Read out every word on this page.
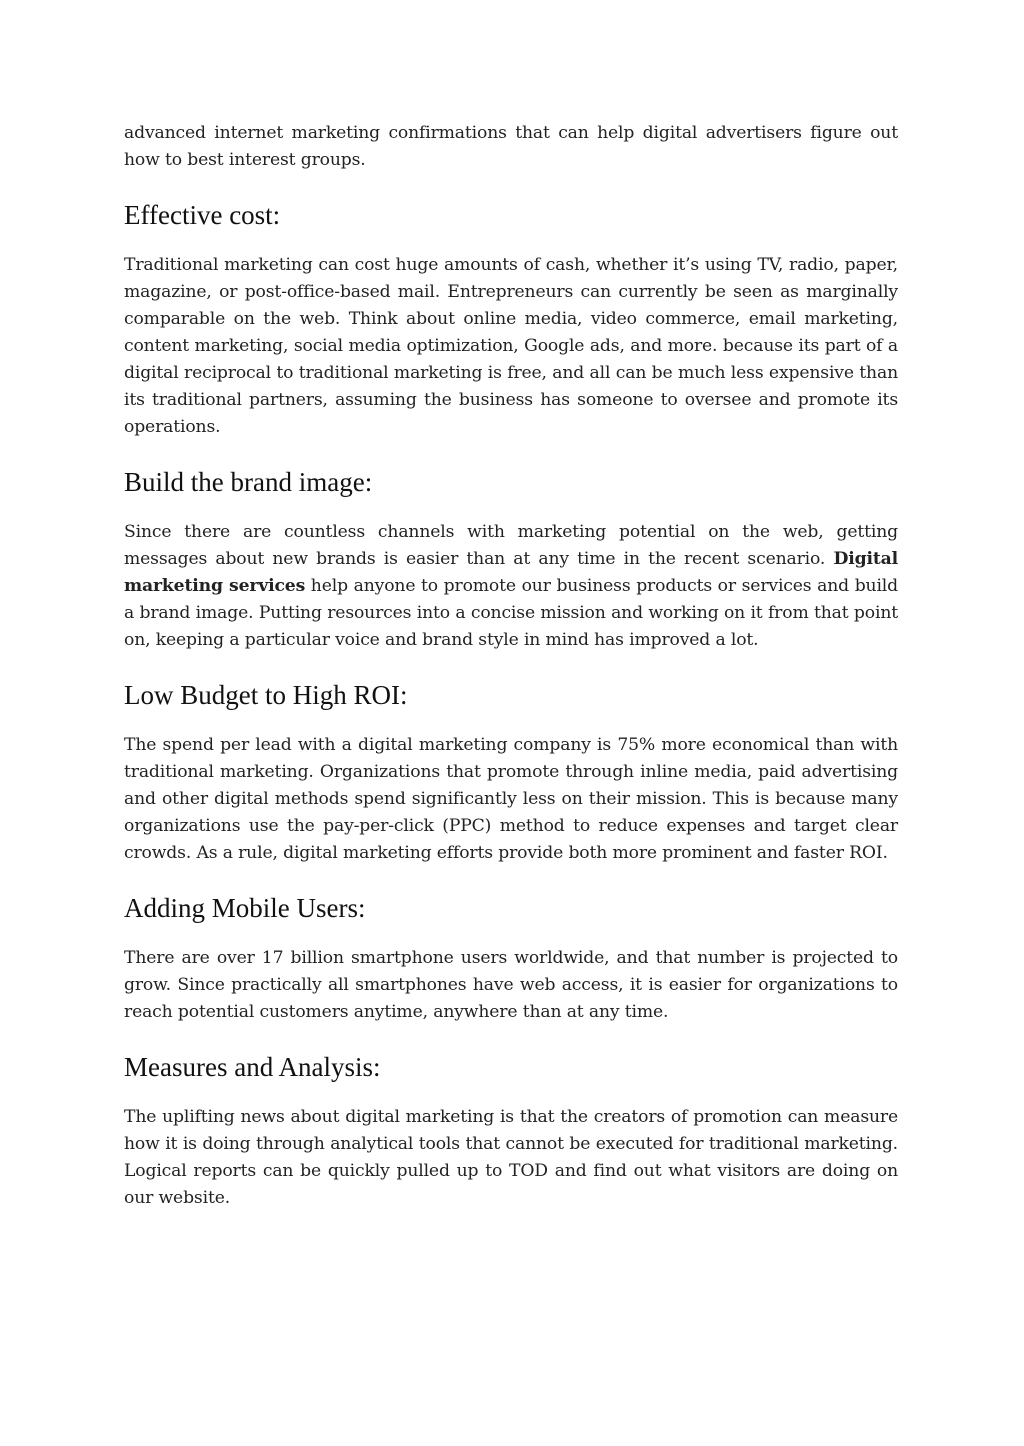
advanced internet marketing confirmations that can help digital advertisers figure out how to best interest groups.

Effective cost:

Traditional marketing can cost huge amounts of cash, whether it’s using TV, radio, paper, magazine, or post-office-based mail. Entrepreneurs can currently be seen as marginally comparable on the web. Think about online media, video commerce, email marketing, content marketing, social media optimization, Google ads, and more. because its part of a digital reciprocal to traditional marketing is free, and all can be much less expensive than its traditional partners, assuming the business has someone to oversee and promote its operations.

Build the brand image:

Since there are countless channels with marketing potential on the web, getting messages about new brands is easier than at any time in the recent scenario. Digital marketing services help anyone to promote our business products or services and build a brand image. Putting resources into a concise mission and working on it from that point on, keeping a particular voice and brand style in mind has improved a lot.

Low Budget to High ROI:

The spend per lead with a digital marketing company is 75% more economical than with traditional marketing. Organizations that promote through inline media, paid advertising and other digital methods spend significantly less on their mission. This is because many organizations use the pay-per-click (PPC) method to reduce expenses and target clear crowds. As a rule, digital marketing efforts provide both more prominent and faster ROI.

Adding Mobile Users:

There are over 17 billion smartphone users worldwide, and that number is projected to grow. Since practically all smartphones have web access, it is easier for organizations to reach potential customers anytime, anywhere than at any time.

Measures and Analysis:

The uplifting news about digital marketing is that the creators of promotion can measure how it is doing through analytical tools that cannot be executed for traditional marketing. Logical reports can be quickly pulled up to TOD and find out what visitors are doing on our website.
